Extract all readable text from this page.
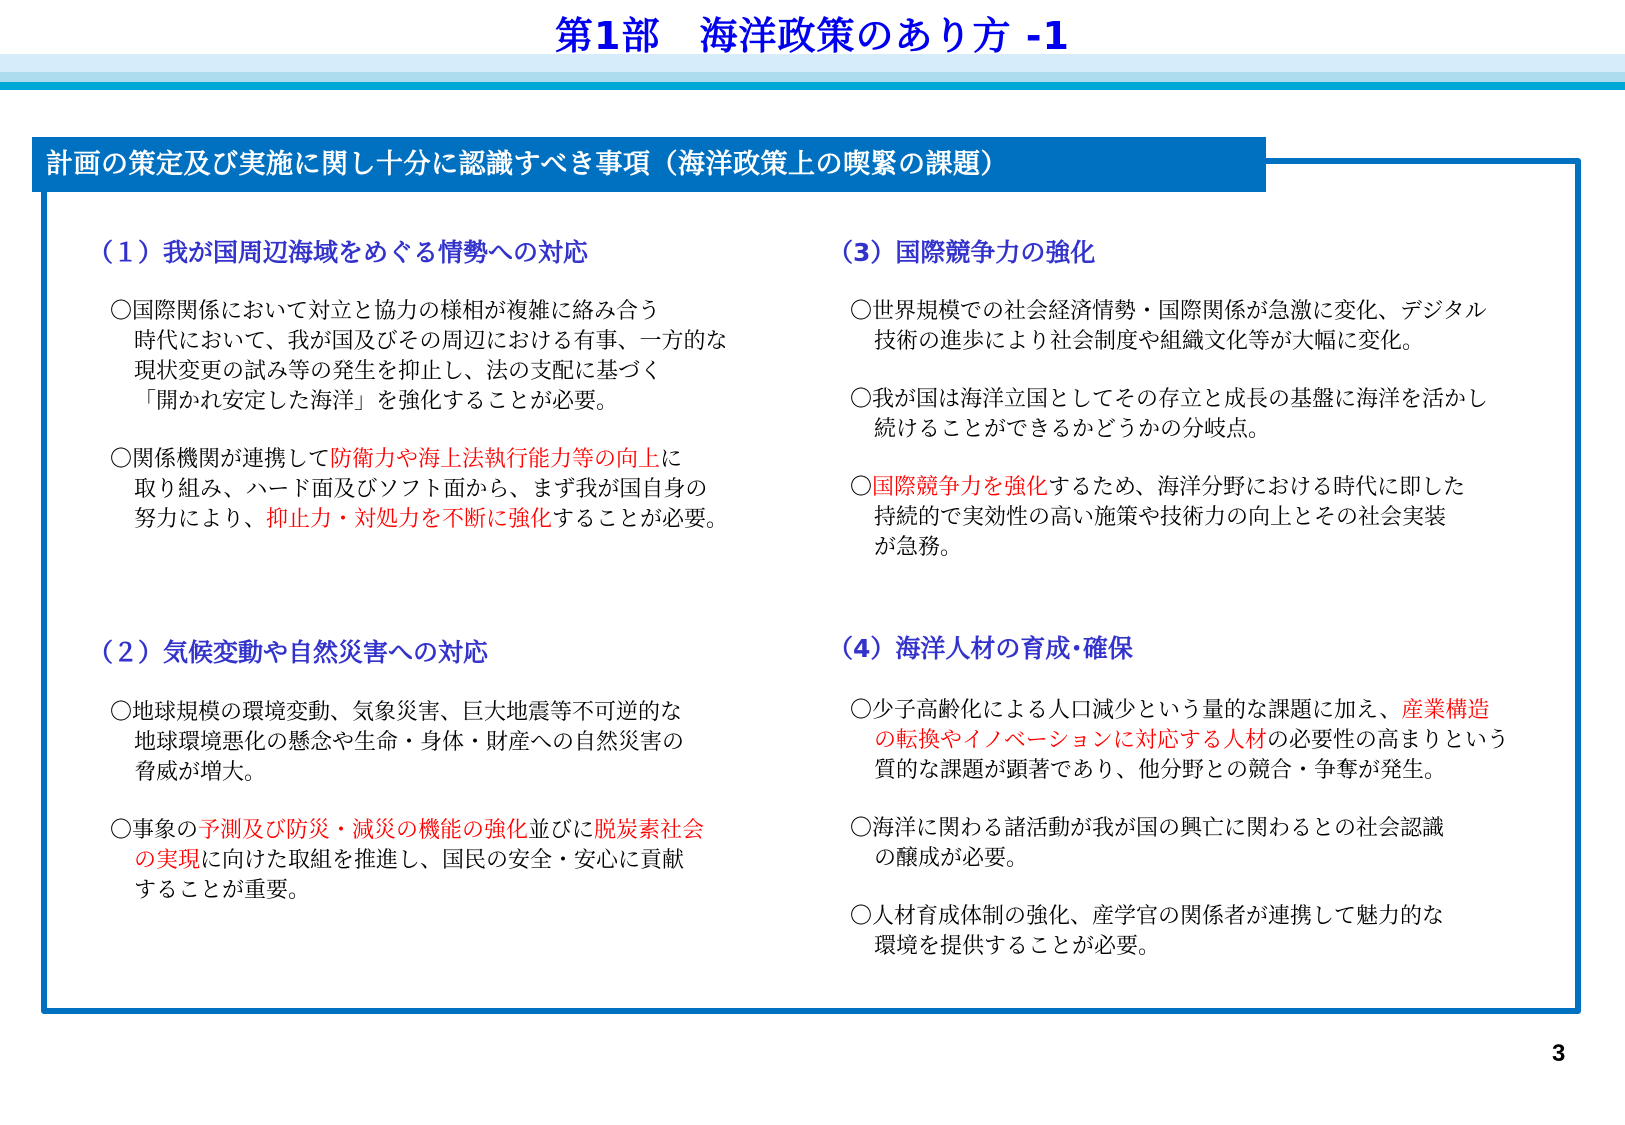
第1部　海洋政策のあり方 -1
計画の策定及び実施に関し十分に認識すべき事項（海洋政策上の喫緊の課題）
（１）我が国周辺海域をめぐる情勢への対応
〇国際関係において対立と協力の様相が複雑に絡み合う
時代において、我が国及びその周辺における有事、一方的な
現状変更の試み等の発生を抑止し、法の支配に基づく
「開かれ安定した海洋」を強化することが必要。
〇関係機関が連携して防衛力や海上法執行能力等の向上に
取り組み、ハード面及びソフト面から、まず我が国自身の
努力により、抑止力・対処力を不断に強化することが必要。
（２）気候変動や自然災害への対応
〇地球規模の環境変動、気象災害、巨大地震等不可逆的な
地球環境悪化の懸念や生命・身体・財産への自然災害の
脅威が増大。
〇事象の予測及び防災・減災の機能の強化並びに脱炭素社会
の実現に向けた取組を推進し、国民の安全・安心に貢献
することが重要。
（3）国際競争力の強化
〇世界規模での社会経済情勢・国際関係が急激に変化、デジタル
技術の進歩により社会制度や組織文化等が大幅に変化。
〇我が国は海洋立国としてその存立と成長の基盤に海洋を活かし
続けることができるかどうかの分岐点。
〇国際競争力を強化するため、海洋分野における時代に即した
持続的で実効性の高い施策や技術力の向上とその社会実装
が急務。
（4）海洋人材の育成･確保
〇少子高齢化による人口減少という量的な課題に加え、産業構造
の転換やイノベーションに対応する人材の必要性の高まりという
質的な課題が顕著であり、他分野との競合・争奪が発生。
〇海洋に関わる諸活動が我が国の興亡に関わるとの社会認識
の醸成が必要。
〇人材育成体制の強化、産学官の関係者が連携して魅力的な
環境を提供することが必要。
3
